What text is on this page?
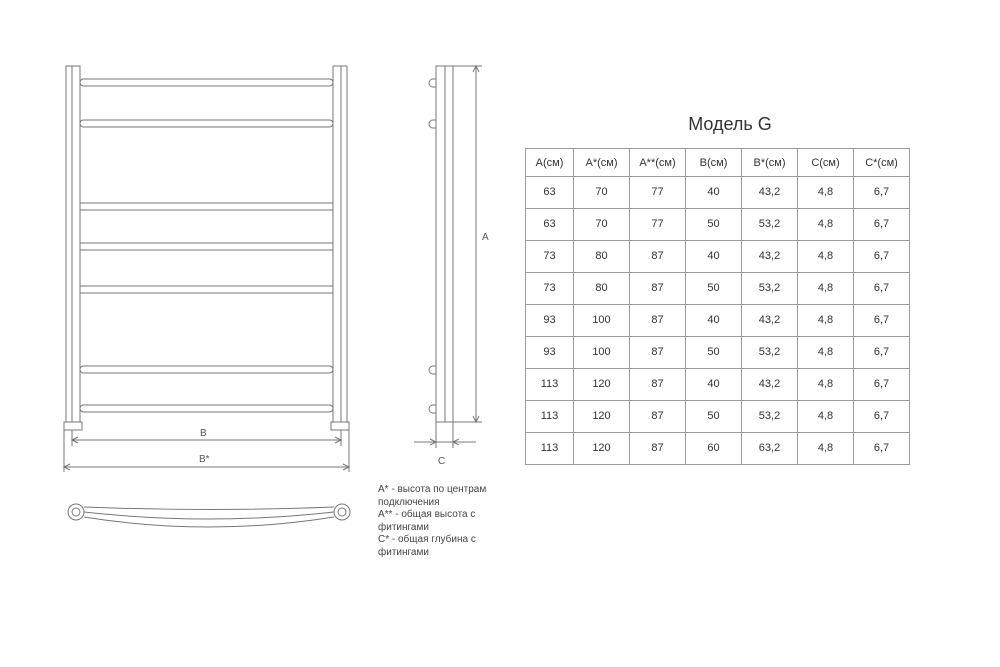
B
B*
A
C
Модель G
А(см)	А*(см)	А**(см)	В(см)	В*(см)	С(см)	С*(см)
63	70	77	40	43,2	4,8	6,7
63	70	77	50	53,2	4,8	6,7
73	80	87	40	43,2	4,8	6,7
73	80	87	50	53,2	4,8	6,7
93	100	87	40	43,2	4,8	6,7
93	100	87	50	53,2	4,8	6,7
113	120	87	40	43,2	4,8	6,7
113	120	87	50	53,2	4,8	6,7
113	120	87	60	63,2	4,8	6,7
А* - высота по центрам подключения
А** - общая высота с фитингами
С* - общая глубина с фитингами
